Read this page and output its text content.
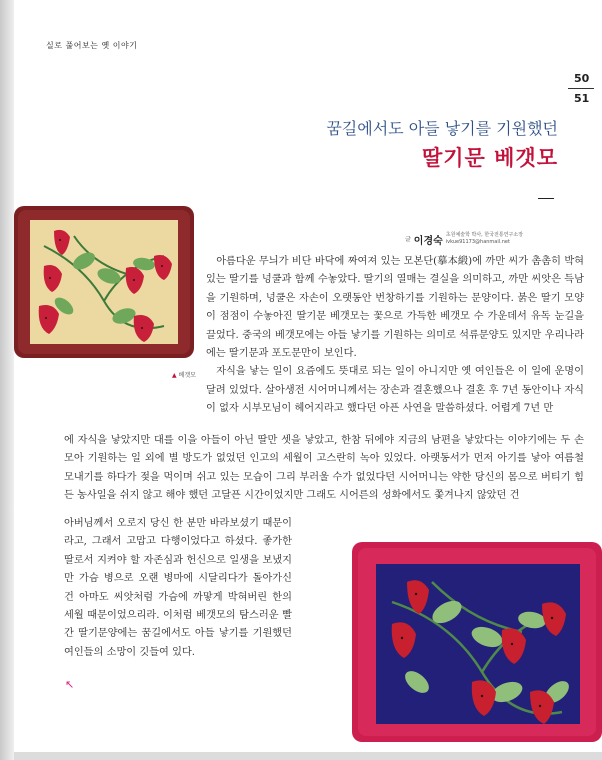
실로 풀어보는 옛 이야기
50
51
꿈길에서도 아들 낳기를 기원했던
딸기문 베갯모
글 이경숙
초원예술학 박사, 한국전통연구소장
ivkue91173@hanmail.net
▲ 베갯모

아름다운 무늬가 비단 바닥에 짜여져 있는 모본단(摹本緞)에 까만 씨가 촘촘히 박혀있는 딸기를 넝쿨과 함께 수놓았다. 딸기의 열매는 결실을 의미하고, 까만 씨앗은 득남을 기원하며, 넝쿨은 자손이 오랫동안 번창하기를 기원하는 문양이다. 붉은 딸기 모양이 점점이 수놓아진 딸기문 베갯모는 꽃으로 가득한 베갯모 수 가운데서 유독 눈길을 끌었다. 중국의 베갯모에는 아들 낳기를 기원하는 의미로 석류문양도 있지만 우리나라에는 딸기문과 포도문만이 보인다.

자식을 낳는 일이 요즘에도 뜻대로 되는 일이 아니지만 옛 여인들은 이 일에 운명이 달려 있었다. 살아생전 시어머니께서는 장손과 결혼했으나 결혼 후 7년 동안이나 자식이 없자 시부모님이 헤어지라고 했다던 아픈 사연을 말씀하셨다. 어렵게 7년 만

에 자식을 낳았지만 대를 이을 아들이 아닌 딸만 셋을 낳았고, 한참 뒤에야 지금의 남편을 낳았다는 이야기에는 두 손 모아 기원하는 일 외에 별 방도가 없었던 인고의 세월이 고스란히 녹아 있었다. 아랫동서가 먼저 아기를 낳아 여름철 모내기를 하다가 젖을 먹이며 쉬고 있는 모습이 그리 부러울 수가 없었다던 시어머니는 약한 당신의 몸으로 버티기 힘든 농사일을 쉬지 않고 해야 했던 고달픈 시간이었지만 그래도 시어른의 성화에서도 쫓겨나지 않았던 건

아버님께서 오로지 당신 한 분만 바라보셨기 때문이라고, 그래서 고맙고 다행이었다고 하셨다. 좋가한 딸로서 지켜야 할 자존심과 헌신으로 일생을 보냈지만 가슴 병으로 오랜 병마에 시달리다가 돌아가신 건 아마도 씨앗처럼 가슴에 까맣게 박혀버린 한의 세월 때문이었으리라. 이처럼 베갯모의 탐스러운 빨간 딸기문양에는 꿈길에서도 아들 낳기를 기원했던 여인들의 소망이 깃들여 있다.

↖
